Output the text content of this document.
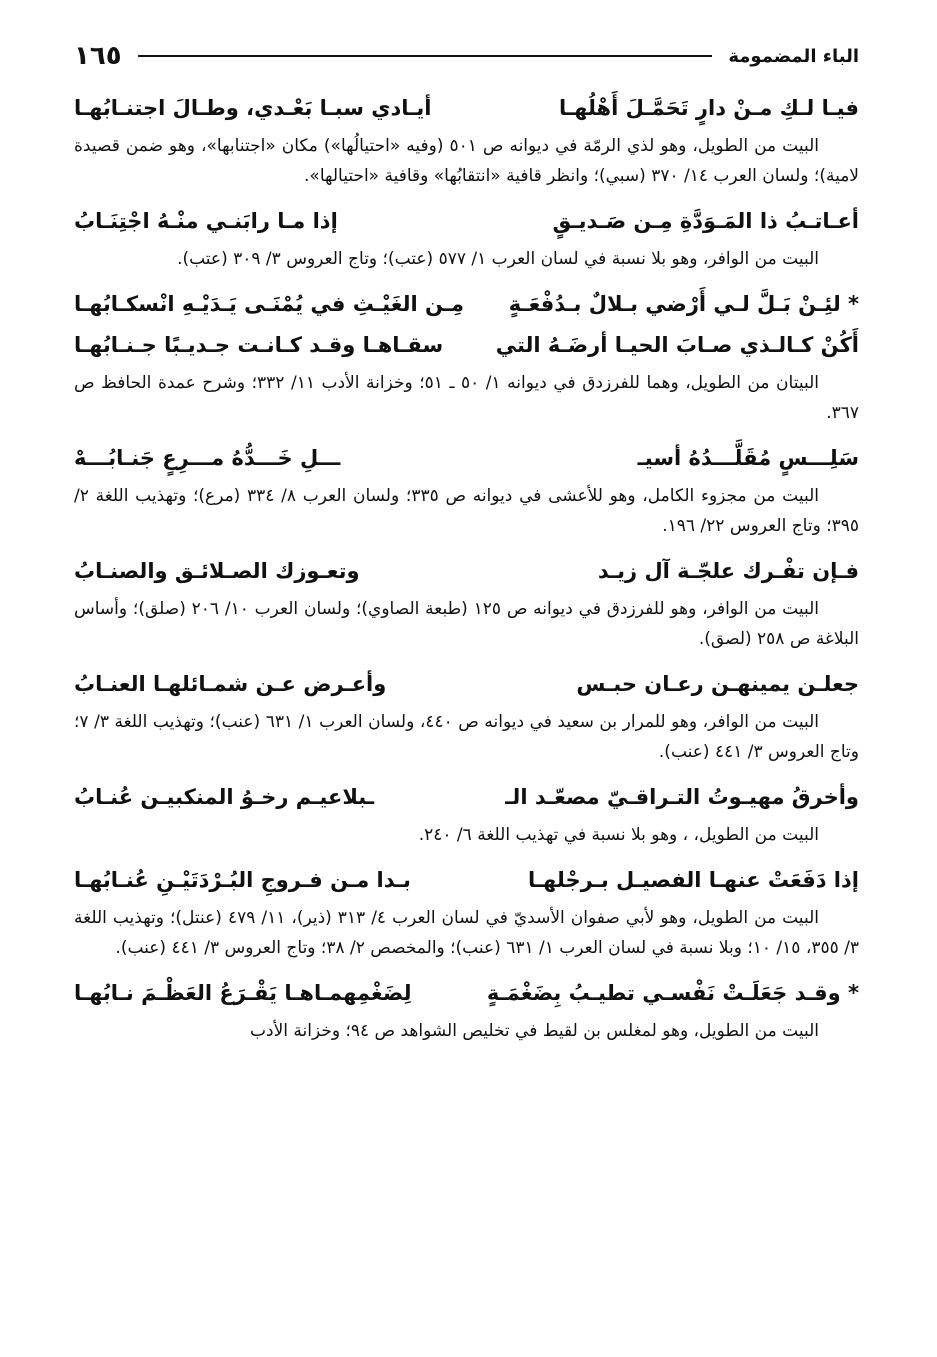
١٦٥	الباء المضمومة
فيـا لـكِ مـنْ دارٍ تَحَمَّـلَ أَهْلُهـا
أيـادي سبـا بَعْـدي، وطـالَ اجتنـابُهـا
البيت من الطويل، وهو لذي الرمّة في ديوانه ص ٥٠١ (وفيه «احتيالُها») مكان «اجتنابها»، وهو ضمن قصيدة لامية)؛ ولسان العرب ١٤/ ٣٧٠ (سبي)؛ وانظر قافية «انتقابُها» وقافية «احتيالها».
أعـاتـبُ ذا المَـوَدَّةِ مِـن صَـديـقٍ
إذا مـا رابَنـي منْـهُ اجْتِنَـابُ
البيت من الوافر، وهو بلا نسبة في لسان العرب ١/ ٥٧٧ (عتب)؛ وتاج العروس ٣/ ٣٠٩ (عتب).
* لئِـنْ بَـلَّ لـي أَرْضي بـلالٌ بـدُفْعَـةٍ
مِـن الغَيْـثِ في يُمْنَـى يَـدَيْـهِ انْسكـابُهـا
أَكُنْ كـالـذي صـابَ الحيـا أرضَـهُ التي
سقـاهـا وقـد كـانـت جـديـبًا جـنـابُهـا
البيتان من الطويل، وهما للفرزدق في ديوانه ١/ ٥٠ ـ ٥١؛ وخزانة الأدب ١١/ ٣٣٢؛ وشرح عمدة الحافظ ص ٣٦٧.
سَلِـــسٍ مُقَلَّـــدُهُ أسيـ
ـــلِ خَـــدُّهُ مـــرِعٍ جَنـابُـــهْ
البيت من مجزوء الكامل، وهو للأعشى في ديوانه ص ٣٣٥؛ ولسان العرب ٨/ ٣٣٤ (مرع)؛ وتهذيب اللغة ٢/ ٣٩٥؛ وتاج العروس ٢٢/ ١٩٦.
فـإن تفْـرك علجّـة آل زيـد
وتعـوزك الصـلائـق والصنـابُ
البيت من الوافر، وهو للفرزدق في ديوانه ص ١٢٥ (طبعة الصاوي)؛ ولسان العرب ١٠/ ٢٠٦ (صلق)؛ وأساس البلاغة ص ٢٥٨ (لصق).
جعلـن يمينهـن رعـان حبـس
وأعـرض عـن شمـائلهـا العنـابُ
البيت من الوافر، وهو للمرار بن سعيد في ديوانه ص ٤٤٠، ولسان العرب ١/ ٦٣١ (عنب)؛ وتهذيب اللغة ٣/ ٧؛ وتاج العروس ٣/ ٤٤١ (عنب).
وأخرقُ مهيـوتُ التـراقـيّ مصعّـد الـ
ـبلاعيـم رخـوُ المنكبيـن عُنـابُ
البيت من الطويل، ، وهو بلا نسبة في تهذيب اللغة ٦/ ٢٤٠.
إذا دَفَعَتْ عنهـا الفصيـل بـرجْلهـا
بـدا مـن فـروجِ البُـرْدَتَيْـنِ عُنـابُهـا
البيت من الطويل، وهو لأبي صفوان الأسديّ في لسان العرب ٤/ ٣١٣ (ذير)، ١١/ ٤٧٩ (عنتل)؛ وتهذيب اللغة ٣/ ٣٥٥، ١٥/ ١٠؛ وبلا نسبة في لسان العرب ١/ ٦٣١ (عنب)؛ والمخصص ٢/ ٣٨؛ وتاج العروس ٣/ ٤٤١ (عنب).
* وقـد جَعَلَـتْ نَفْسـي تطيـبُ بِضَغْمَـةٍ
لِضَغْمِهمـاهـا يَقْـرَعُ العَظْـمَ نـابُهـا
البيت من الطويل، وهو لمغلس بن لقيط في تخليص الشواهد ص ٩٤؛ وخزانة الأدب
